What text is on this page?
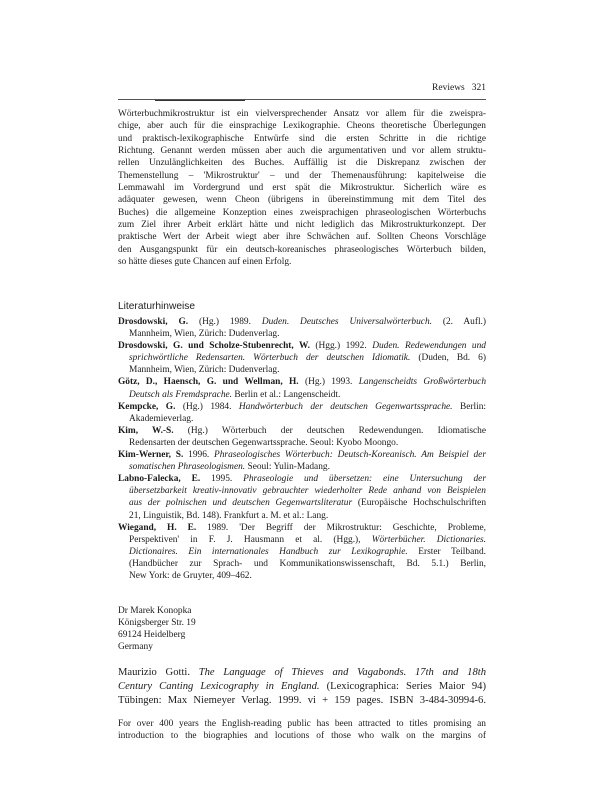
Reviews 321

Wörterbuchmikrostruktur ist ein vielversprechender Ansatz vor allem für die zweispra-

chige, aber auch für die einsprachige Lexikographie. Cheons theoretische Überlegungen

und praktisch-lexikographische Entwürfe sind die ersten Schritte in die richtige

Richtung. Genannt werden müssen aber auch die argumentativen und vor allem struktu-

rellen Unzulänglichkeiten des Buches. Auffällig ist die Diskrepanz zwischen der

Themenstellung – 'Mikrostruktur' – und der Themenausführung: kapitelweise die

Lemmawahl im Vordergrund und erst spät die Mikrostruktur. Sicherlich wäre es

adäquater gewesen, wenn Cheon (übrigens in übereinstimmung mit dem Titel des

Buches) die allgemeine Konzeption eines zweisprachigen phraseologischen Wörterbuchs

zum Ziel ihrer Arbeit erklärt hätte und nicht lediglich das Mikrostrukturkonzept. Der

praktische Wert der Arbeit wiegt aber ihre Schwächen auf. Sollten Cheons Vorschläge

den Ausgangspunkt für ein deutsch-koreanisches phraseologisches Wörterbuch bilden,

so hätte dieses gute Chancen auf einen Erfolg.

Literaturhinweise

Drosdowski, G. (Hg.) 1989. Duden. Deutsches Universalwörterbuch. (2. Aufl.)

Mannheim, Wien, Zürich: Dudenverlag.

Drosdowski, G. und Scholze-Stubenrecht, W. (Hgg.) 1992. Duden. Redewendungen und

sprichwörtliche Redensarten. Wörterbuch der deutschen Idiomatik. (Duden, Bd. 6)

Mannheim, Wien, Zürich: Dudenverlag.

Götz, D., Haensch, G. und Wellman, H. (Hg.) 1993. Langenscheidts Großwörterbuch

Deutsch als Fremdsprache. Berlin et al.: Langenscheidt.

Kempcke, G. (Hg.) 1984. Handwörterbuch der deutschen Gegenwartssprache. Berlin:

Akademieverlag.

Kim, W.-S. (Hg.) Wörterbuch der deutschen Redewendungen. Idiomatische

Redensarten der deutschen Gegenwartssprache. Seoul: Kyobo Moongo.

Kim-Werner, S. 1996. Phraseologisches Wörterbuch: Deutsch-Koreanisch. Am Beispiel der

somatischen Phraseologismen. Seoul: Yulin-Madang.

Labno-Falecka, E. 1995. Phraseologie und übersetzen: eine Untersuchung der

übersetzbarkeit kreativ-innovativ gebrauchter wiederholter Rede anhand von Beispielen

aus der polnischen und deutschen Gegenwartsliteratur (Europäische Hochschulschriften

21, Linguistik, Bd. 148). Frankfurt a. M. et al.: Lang.

Wiegand, H. E. 1989. 'Der Begriff der Mikrostruktur: Geschichte, Probleme,

Perspektiven' in F. J. Hausmann et al. (Hgg.), Wörterbücher. Dictionaries.

Dictionaires. Ein internationales Handbuch zur Lexikographie. Erster Teilband.

(Handbücher zur Sprach- und Kommunikationswissenschaft, Bd. 5.1.) Berlin,

New York: de Gruyter, 409–462.

Dr Marek Konopka

Königsberger Str. 19

69124 Heidelberg

Germany

Maurizio Gotti. The Language of Thieves and Vagabonds. 17th and 18th

Century Canting Lexicography in England. (Lexicographica: Series Maior 94)

Tübingen: Max Niemeyer Verlag. 1999. vi + 159 pages. ISBN 3-484-30994-6.

For over 400 years the English-reading public has been attracted to titles promising an

introduction to the biographies and locutions of those who walk on the margins of
